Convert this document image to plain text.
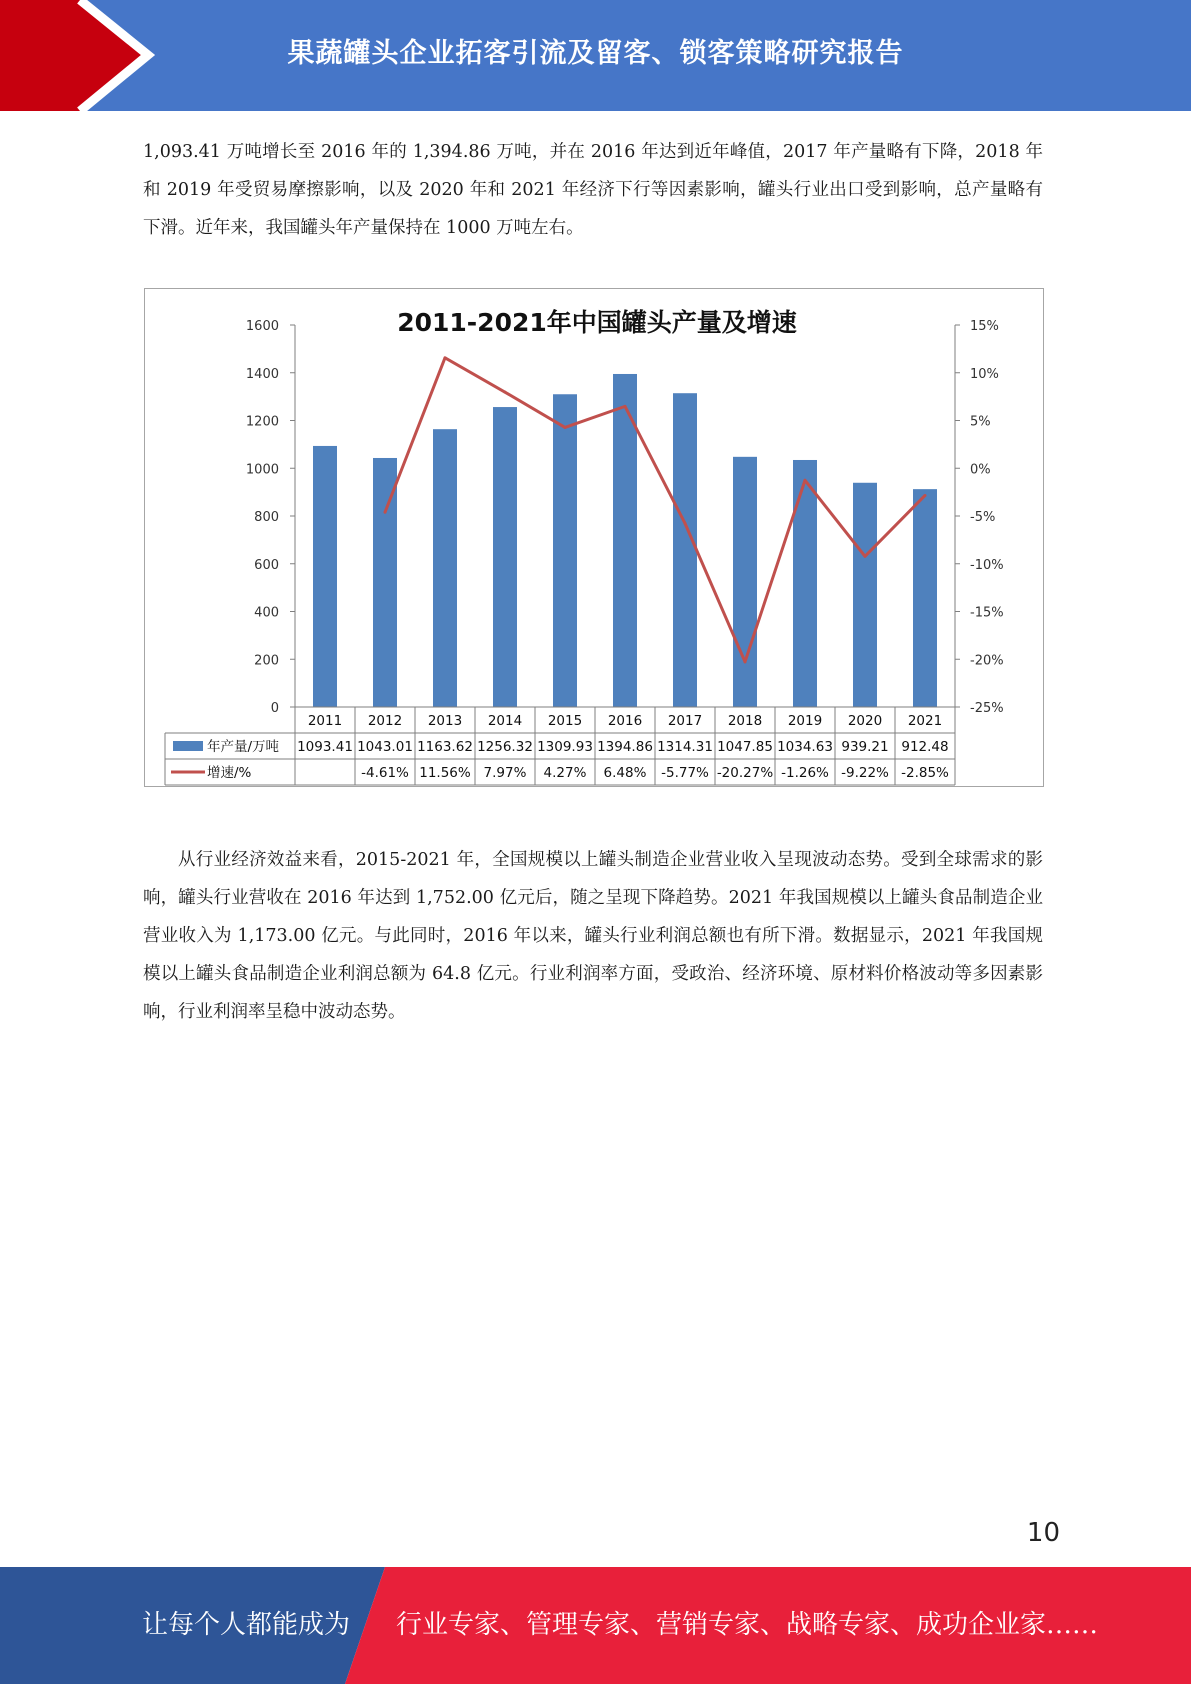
果蔬罐头企业拓客引流及留客、锁客策略研究报告
1,093.41 万吨增长至 2016 年的 1,394.86 万吨，并在 2016 年达到近年峰值，2017 年产量略有下降，2018 年和 2019 年受贸易摩擦影响，以及 2020 年和 2021 年经济下行等因素影响，罐头行业出口受到影响，总产量略有下滑。近年来，我国罐头年产量保持在 1000 万吨左右。
2011-2021年中国罐头产量及增速
0
200
400
600
800
1000
1200
1400
1600
-25%
-20%
-15%
-10%
-5%
0%
5%
10%
15%
2011 2012 2013 2014 2015 2016 2017 2018 2019 2020 2021
年产量/万吨
增速/%
1093.41 1043.01 1163.62 1256.32 1309.93 1394.86 1314.31 1047.85 1034.63 939.21 912.48
-4.61% 11.56% 7.97% 4.27% 6.48% -5.77% -20.27% -1.26% -9.22% -2.85%
从行业经济效益来看，2015-2021 年，全国规模以上罐头制造企业营业收入呈现波动态势。受到全球需求的影响，罐头行业营收在 2016 年达到 1,752.00 亿元后，随之呈现下降趋势。2021 年我国规模以上罐头食品制造企业营业收入为 1,173.00 亿元。与此同时，2016 年以来，罐头行业利润总额也有所下滑。数据显示，2021 年我国规模以上罐头食品制造企业利润总额为 64.8 亿元。行业利润率方面，受政治、经济环境、原材料价格波动等多因素影响，行业利润率呈稳中波动态势。
10
让每个人都能成为 行业专家、管理专家、营销专家、战略专家、成功企业家……
